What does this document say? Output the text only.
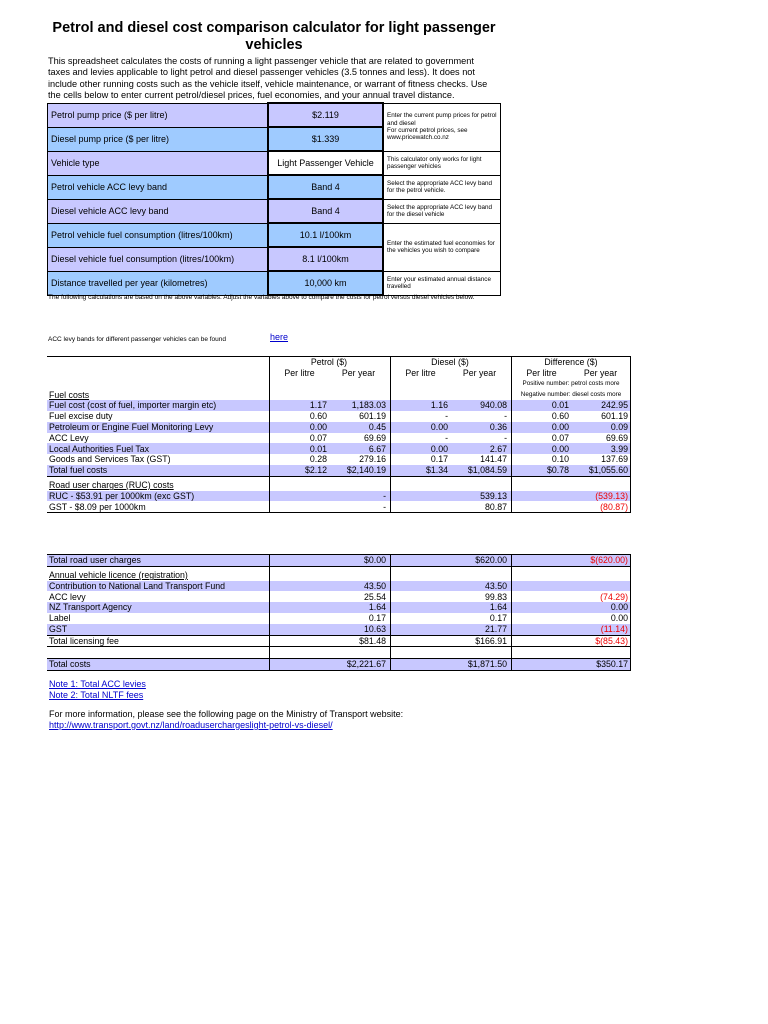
Petrol and diesel cost comparison calculator for light passenger vehicles
This spreadsheet calculates the costs of running a light passenger vehicle that are related to government taxes and levies applicable to light petrol and diesel passenger vehicles (3.5 tonnes and less). It does not include other running costs such as the vehicle itself, vehicle maintenance, or warrant of fitness checks. Use the cells below to enter current petrol/diesel prices, fuel economies, and your annual travel distance.
Petrol pump price ($ per litre)	$2.119	Enter the current pump prices for petrol and diesel
For current petrol prices, see www.pricewatch.co.nz
Diesel pump price ($ per litre)	$1.339	
Vehicle type	Light Passenger Vehicle	This calculator only works for light passenger vehicles
Petrol vehicle ACC levy band	Band 4	Select the appropriate ACC levy band for the petrol vehicle.
Diesel vehicle ACC levy band	Band 4	Select the appropriate ACC levy band for the diesel vehicle
Petrol vehicle fuel consumption (litres/100km)	10.1 l/100km	Enter the estimated fuel economies for the vehicles you wish to compare
Diesel vehicle fuel consumption (litres/100km)	8.1 l/100km	
Distance travelled per year (kilometres)	10,000 km	Enter your estimated annual distance travelled
The following calculations are based on the above variables. Adjust the variables above to compare the costs for petrol versus diesel vehicles below.
ACC levy bands for different passenger vehicles can be found	here
	Petrol ($)			Diesel ($)			Difference ($)	
	Per litre	Per year		Per litre	Per year		Per litre	Per year
							Positive number: petrol costs more	
Fuel costs							Negative number: diesel costs more	
Fuel cost (cost of fuel, importer margin etc)	1.17	1,183.03		1.16	940.08		0.01	242.95
Fuel excise duty	0.60	601.19		-	-		0.60	601.19
Petroleum or Engine Fuel Monitoring Levy	0.00	0.45		0.00	0.36		0.00	0.09
ACC Levy	0.07	69.69		-	-		0.07	69.69
Local Authorities Fuel Tax	0.01	6.67		0.00	2.67		0.00	3.99
Goods and Services Tax (GST)	0.28	279.16		0.17	141.47		0.10	137.69
Total fuel costs	$2.12	$2,140.19		$1.34	$1,084.59		$0.78	$1,055.60
Road user charges (RUC) costs								
RUC - $53.91 per 1000km (exc GST)		-			539.13			(539.13)
GST - $8.09 per 1000km		-			80.87			(80.87)
Total road user charges		$0.00			$620.00			$(620.00)
Annual vehicle licence (registration)								
Contribution to National Land Transport Fund		43.50			43.50			
ACC levy		25.54			99.83			(74.29)
NZ Transport Agency		1.64			1.64			0.00
Label		0.17			0.17			0.00
GST		10.63			21.77			(11.14)
Total licensing fee		$81.48			$166.91			$(85.43)

Total costs		$2,221.67			$1,871.50			$350.17
Note 1: Total ACC levies
Note 2: Total NLTF fees
For more information, please see the following page on the Ministry of Transport website:
http://www.transport.govt.nz/land/roaduserchargeslight-petrol-vs-diesel/
